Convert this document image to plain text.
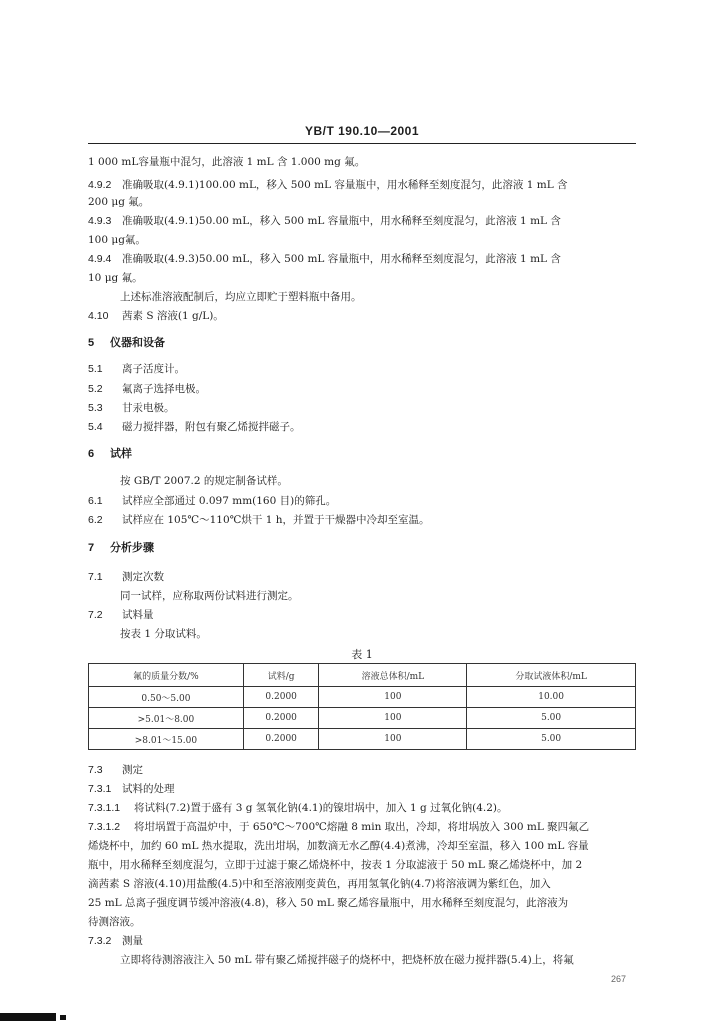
YB/T 190.10—2001
1 000 mL容量瓶中混匀，此溶液 1 mL 含 1.000 mg 氟。
4.9.2 准确吸取(4.9.1)100.00 mL，移入 500 mL 容量瓶中，用水稀释至刻度混匀，此溶液 1 mL 含
200 μg 氟。
4.9.3 准确吸取(4.9.1)50.00 mL，移入 500 mL 容量瓶中，用水稀释至刻度混匀，此溶液 1 mL 含
100 μg氟。
4.9.4 准确吸取(4.9.3)50.00 mL，移入 500 mL 容量瓶中，用水稀释至刻度混匀，此溶液 1 mL 含
10 μg 氟。
上述标准溶液配制后，均应立即贮于塑料瓶中备用。
4.10 茜素 S 溶液(1 g/L)。
5 仪器和设备
5.1 离子活度计。
5.2 氟离子选择电极。
5.3 甘汞电极。
5.4 磁力搅拌器，附包有聚乙烯搅拌磁子。
6 试样
按 GB/T 2007.2 的规定制备试样。
6.1 试样应全部通过 0.097 mm(160 目)的筛孔。
6.2 试样应在 105℃～110℃烘干 1 h，并置于干燥器中冷却至室温。
7 分析步骤
7.1 测定次数
同一试样，应称取两份试料进行测定。
7.2 试料量
按表 1 分取试料。
表 1
氟的质量分数/%	试料/g	溶液总体积/mL	分取试液体积/mL
0.50～5.00	0.2000	100	10.00
>5.01～8.00	0.2000	100	5.00
>8.01～15.00	0.2000	100	5.00
7.3 测定
7.3.1 试料的处理
7.3.1.1 将试料(7.2)置于盛有 3 g 氢氧化钠(4.1)的镍坩埚中，加入 1 g 过氧化钠(4.2)。
7.3.1.2 将坩埚置于高温炉中，于 650℃～700℃熔融 8 min 取出，冷却，将坩埚放入 300 mL 聚四氟乙
烯烧杯中，加约 60 mL 热水提取，洗出坩埚，加数滴无水乙醇(4.4)煮沸，冷却至室温，移入 100 mL 容量
瓶中，用水稀释至刻度混匀，立即于过滤于聚乙烯烧杯中，按表 1 分取滤液于 50 mL 聚乙烯烧杯中，加 2
滴茜素 S 溶液(4.10)用盐酸(4.5)中和至溶液刚变黄色，再用氢氧化钠(4.7)将溶液调为紫红色，加入
25 mL 总离子强度调节缓冲溶液(4.8)，移入 50 mL 聚乙烯容量瓶中，用水稀释至刻度混匀，此溶液为
待测溶液。
7.3.2 测量
立即将待测溶液注入 50 mL 带有聚乙烯搅拌磁子的烧杯中，把烧杯放在磁力搅拌器(5.4)上，将氟
267
